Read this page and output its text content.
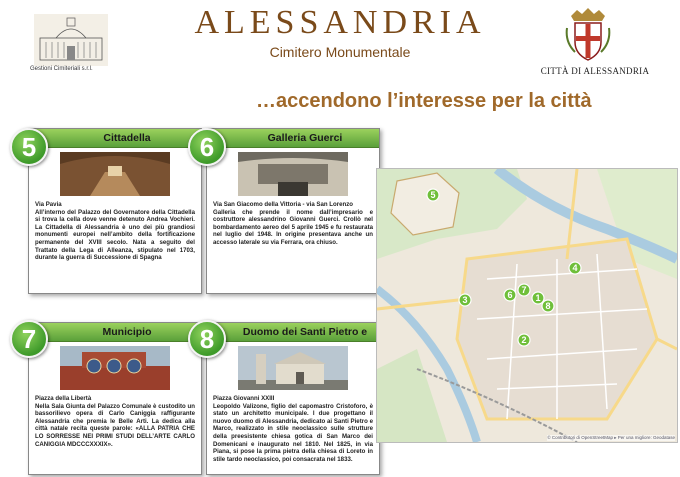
Gestioni Cimiteriali s.r.l.
ALESSANDRIA
Cimitero Monumentale
CITTÀ DI ALESSANDRIA
…accendono l’interesse per la città
Cittadella
Via Pavia
All’interno del Palazzo del Governatore della Cittadella si trova la cella dove venne detenuto Andrea Vochieri. La Cittadella di Alessandria è uno dei più grandiosi monumenti europei nell’ambito della fortificazione permanente del XVIII secolo. Nata a seguito del Trattato della Lega di Alleanza, stipulato nel 1703, durante la guerra di Successione di Spagna
5	Galleria Guerci
Via San Giacomo della Vittoria - via San Lorenzo
Galleria che prende il nome dall’impresario e costruttore alessandrino Giovanni Guerci. Crollò nel bombardamento aereo del 5 aprile 1945 e fu restaurata nel luglio del 1948. In origine presentava anche un accesso laterale su via Ferrara, ora chiuso.
6
Municipio
Piazza della Libertà
Nella Sala Giunta del Palazzo Comunale è custodito un bassorilievo opera di Carlo Caniggia raffigurante Alessandria che premia le Belle Arti. La dedica alla città natale recita queste parole: «ALLA PATRIA CHE LO SORRESSE NEI PRIMI STUDI DELL’ARTE CARLO CANIGGIA MDCCCXXXIX».
7	Duomo dei Santi Pietro e
Piazza Giovanni XXIII
Leopoldo Valizone, figlio del capomastro Cristoforo, è stato un architetto municipale. I due progettano il nuovo duomo di Alessandria, dedicato ai Santi Pietro e Marco, realizzato in stile neoclassico sulle strutture della preesistente chiesa gotica di San Marco dei Domenicani e inaugurato nel 1810. Nel 1825, in via Piana, si pose la prima pietra della chiesa di Loreto in stile tardo neoclassico, poi consacrata nel 1833.
8
5
4
3	6 7
1
8
2
© Contributori di OpenStreetMap ▸ Per una migliore: Geodatase
